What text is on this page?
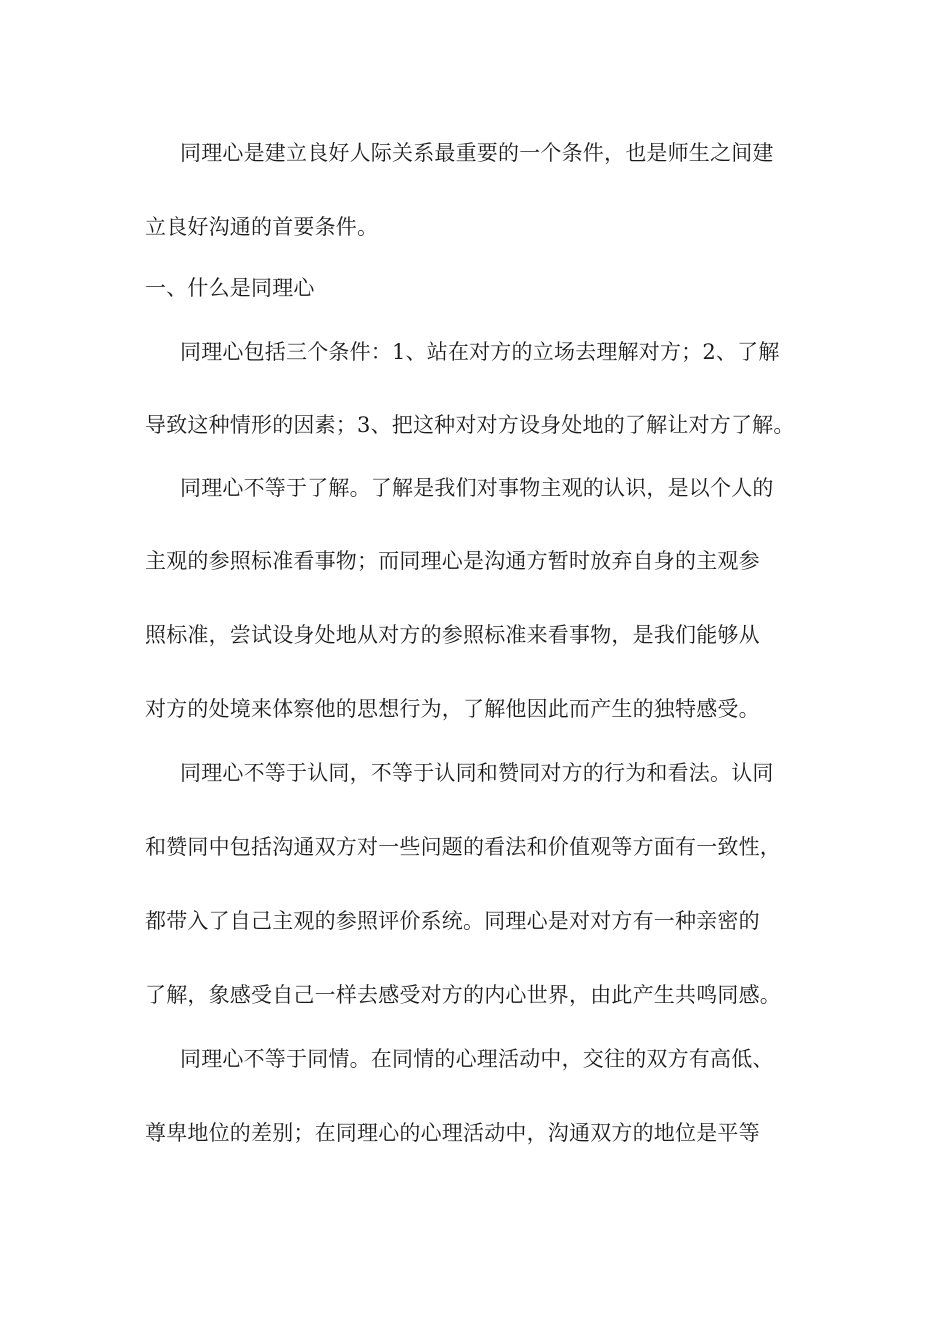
同理心是建立良好人际关系最重要的一个条件，也是师生之间建
立良好沟通的首要条件。
一、什么是同理心
同理心包括三个条件：1、站在对方的立场去理解对方；2、了解
导致这种情形的因素；3、把这种对对方设身处地的了解让对方了解。
同理心不等于了解。了解是我们对事物主观的认识，是以个人的
主观的参照标准看事物；而同理心是沟通方暂时放弃自身的主观参
照标准，尝试设身处地从对方的参照标准来看事物，是我们能够从
对方的处境来体察他的思想行为，了解他因此而产生的独特感受。
同理心不等于认同，不等于认同和赞同对方的行为和看法。认同
和赞同中包括沟通双方对一些问题的看法和价值观等方面有一致性，
都带入了自己主观的参照评价系统。同理心是对对方有一种亲密的
了解，象感受自己一样去感受对方的内心世界，由此产生共鸣同感。
同理心不等于同情。在同情的心理活动中，交往的双方有高低、
尊卑地位的差别；在同理心的心理活动中，沟通双方的地位是平等
